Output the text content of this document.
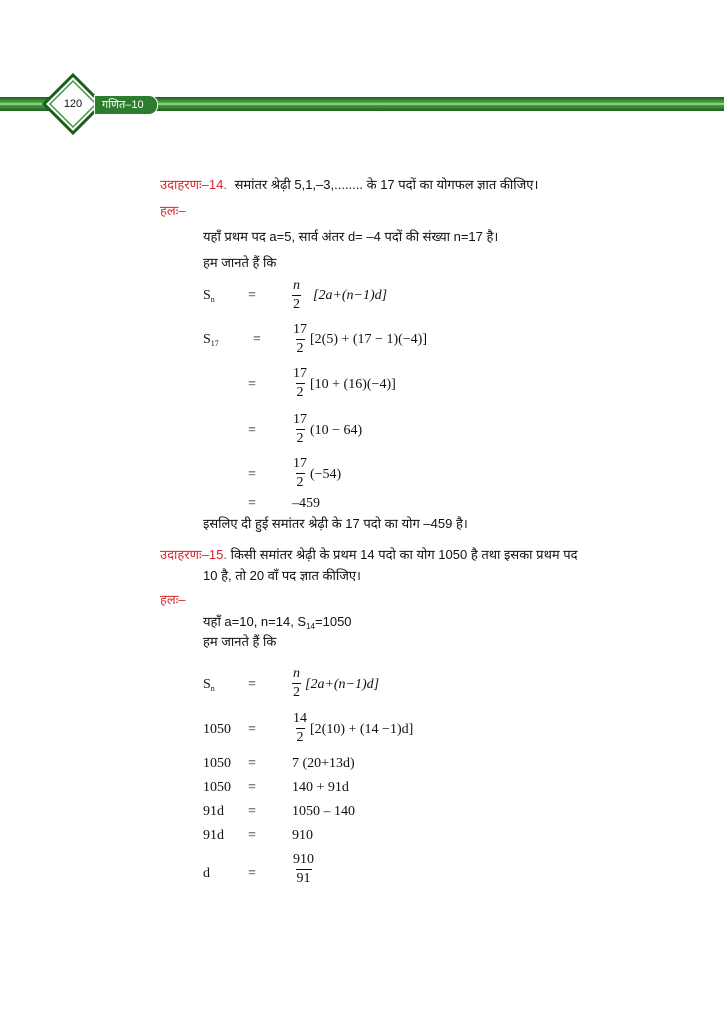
120	गणित–10
उदाहरणः–14. समांतर श्रेढ़ी 5,1,–3,........ के 17 पदों का योगफल ज्ञात कीजिए।
हलः–
यहाँ प्रथम पद a=5, सार्व अंतर d= –4 पदों की संख्या n=17 है।
हम जानते हैं कि
$S_n$ =	$\frac{n}{2} [2a+(n-1)d]$
$S_{17} = \frac{17}{2} [2(5) + (17 - 1)(-4)]$
=	$\frac{17}{2} [10 + (16)(-4)]$
=	$\frac{17}{2} (10 - 64)$
=	$\frac{17}{2} (-54)$
=	–459
इसलिए दी हुई समांतर श्रेढ़ी के 17 पदो का योग –459 है।
उदाहरणः–15. किसी समांतर श्रेढ़ी के प्रथम 14 पदो का योग 1050 है तथा इसका प्रथम पद
10 है, तो 20 वाँ पद ज्ञात कीजिए।
हलः–
यहाँ a=10, n=14, $S_{14}=1050$
हम जानते हैं कि
$S_n$ =	$\frac{n}{2} [2a+(n-1)d]$
1050 =	$\frac{14}{2} [2(10) + (14 -1)d]$
1050 =	7 (20+13d)
1050 =	140 + 91d
91d =	1050 – 140
91d =	910
d	=	$\frac{910}{91}$
